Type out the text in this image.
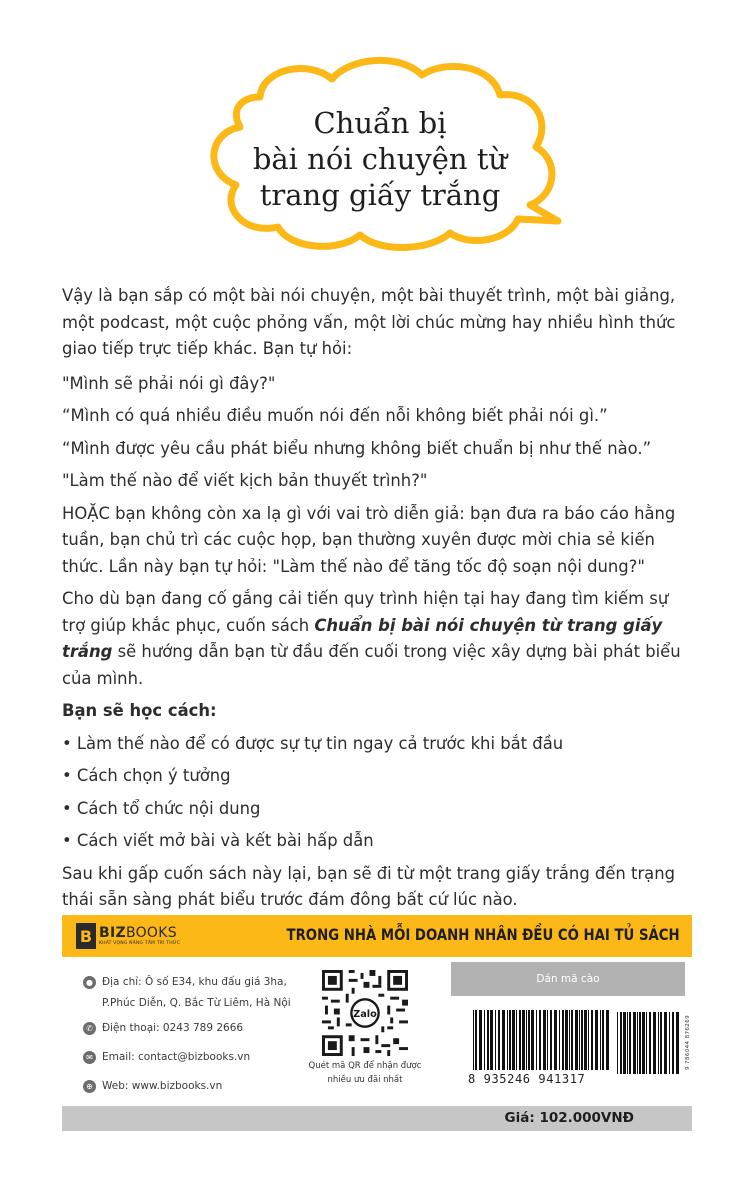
Chuẩn bị
bài nói chuyện từ
trang giấy trắng

Vậy là bạn sắp có một bài nói chuyện, một bài thuyết trình, một bài giảng, một podcast, một cuộc phỏng vấn, một lời chúc mừng hay nhiều hình thức giao tiếp trực tiếp khác. Bạn tự hỏi:

"Mình sẽ phải nói gì đây?"

“Mình có quá nhiều điều muốn nói đến nỗi không biết phải nói gì.”

“Mình được yêu cầu phát biểu nhưng không biết chuẩn bị như thế nào.”

"Làm thế nào để viết kịch bản thuyết trình?"

HOẶC bạn không còn xa lạ gì với vai trò diễn giả: bạn đưa ra báo cáo hằng tuần, bạn chủ trì các cuộc họp, bạn thường xuyên được mời chia sẻ kiến thức. Lần này bạn tự hỏi: "Làm thế nào để tăng tốc độ soạn nội dung?"

Cho dù bạn đang cố gắng cải tiến quy trình hiện tại hay đang tìm kiếm sự trợ giúp khắc phục, cuốn sách Chuẩn bị bài nói chuyện từ trang giấy trắng sẽ hướng dẫn bạn từ đầu đến cuối trong việc xây dựng bài phát biểu của mình.

Bạn sẽ học cách:

• Làm thế nào để có được sự tự tin ngay cả trước khi bắt đầu

• Cách chọn ý tưởng

• Cách tổ chức nội dung

• Cách viết mở bài và kết bài hấp dẫn

Sau khi gấp cuốn sách này lại, bạn sẽ đi từ một trang giấy trắng đến trạng thái sẵn sàng phát biểu trước đám đông bất cứ lúc nào.

B BIZBOOKS
KHÁT VỌNG NÂNG TẦM TRI THỨC	TRONG NHÀ MỖI DOANH NHÂN ĐỀU CÓ HAI TỦ SÁCH
● Địa chỉ: Ô số E34, khu đấu giá 3ha,
P.Phúc Diễn, Q. Bắc Từ Liêm, Hà Nội
✆ Điện thoại: 0243 789 2666
✉ Email: contact@bizbooks.vn
⊕ Web: www.bizbooks.vn
Zalo
Quét mã QR để nhận được
nhiều ưu đãi nhất
Dán mã cào
8 935246 941317
9 786044 876269
Giá: 102.000VNĐ
